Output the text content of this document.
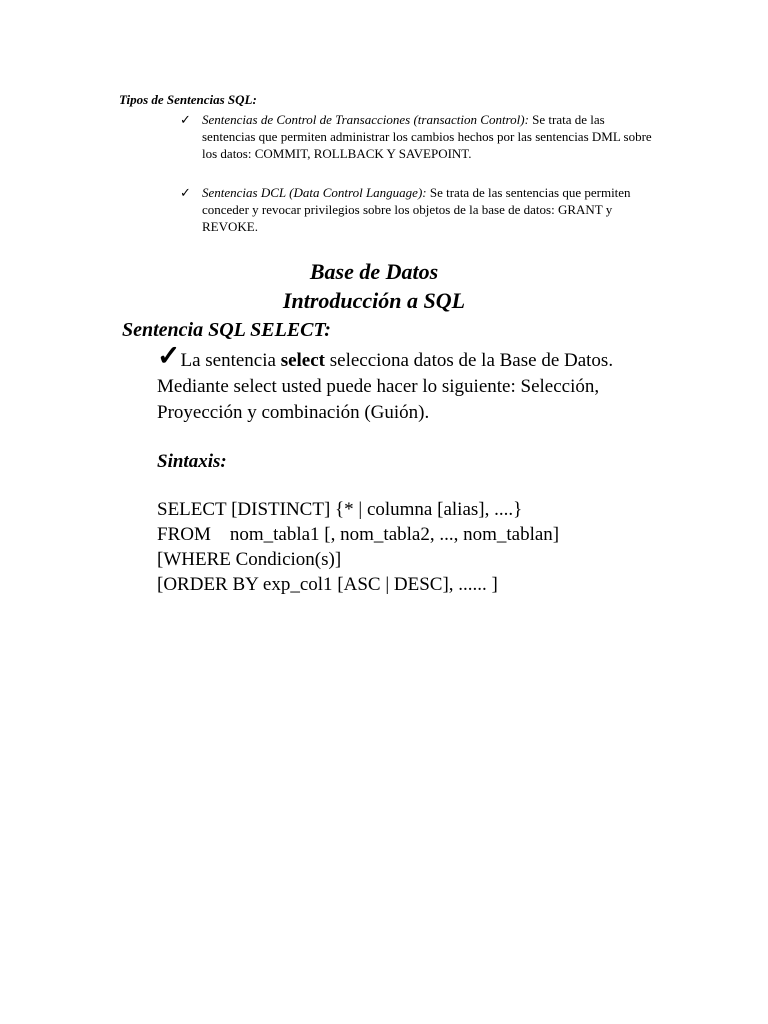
Tipos de Sentencias SQL:
✓ Sentencias de Control de Transacciones (transaction Control): Se trata de las sentencias que permiten administrar los cambios hechos por las sentencias DML sobre los datos: COMMIT, ROLLBACK Y SAVEPOINT.
✓ Sentencias DCL (Data Control Language): Se trata de las sentencias que permiten conceder y revocar privilegios sobre los objetos de la base de datos: GRANT y REVOKE.
Base de Datos
Introducción a SQL
Sentencia SQL SELECT:
✓La sentencia select selecciona datos de la Base de Datos. Mediante select usted puede hacer lo siguiente: Selección, Proyección y combinación (Guión).
Sintaxis:
SELECT [DISTINCT] {* | columna [alias], ....}
FROM    nom_tabla1 [, nom_tabla2, ..., nom_tablan]
[WHERE Condicion(s)]
[ORDER BY exp_col1 [ASC | DESC], ...... ]
